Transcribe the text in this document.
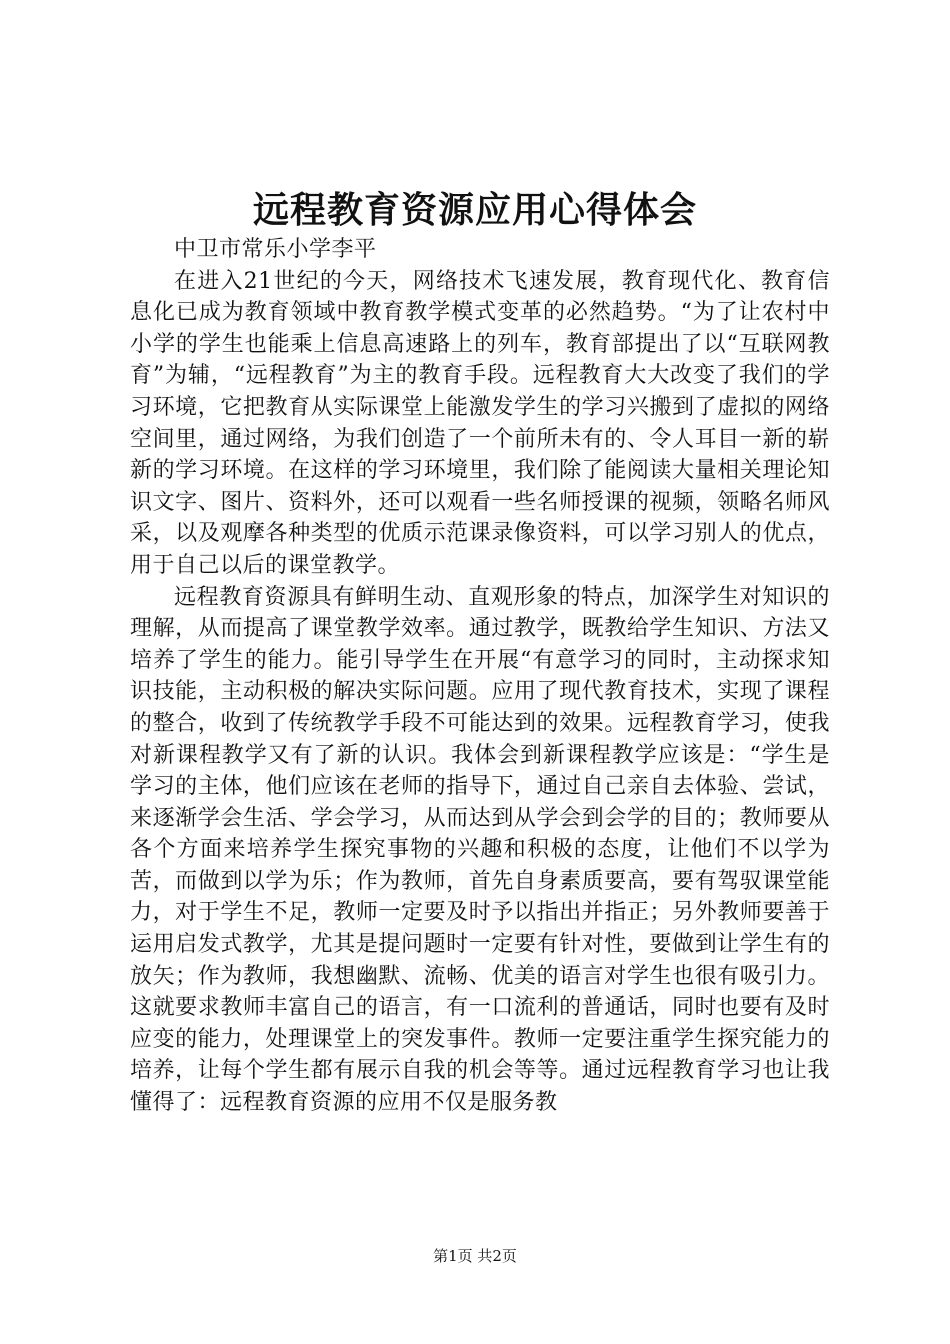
远程教育资源应用心得体会

中卫市常乐小学李平

在进入21世纪的今天，网络技术飞速发展，教育现代化、教育信息化已成为教育领域中教育教学模式变革的必然趋势。“为了让农村中小学的学生也能乘上信息高速路上的列车，教育部提出了以“互联网教育”为辅，“远程教育”为主的教育手段。远程教育大大改变了我们的学习环境，它把教育从实际课堂上能激发学生的学习兴搬到了虚拟的网络空间里，通过网络，为我们创造了一个前所未有的、令人耳目一新的崭新的学习环境。在这样的学习环境里，我们除了能阅读大量相关理论知识文字、图片、资料外，还可以观看一些名师授课的视频，领略名师风采，以及观摩各种类型的优质示范课录像资料，可以学习别人的优点，用于自己以后的课堂教学。

远程教育资源具有鲜明生动、直观形象的特点，加深学生对知识的理解，从而提高了课堂教学效率。通过教学，既教给学生知识、方法又培养了学生的能力。能引导学生在开展“有意学习的同时，主动探求知识技能，主动积极的解决实际问题。应用了现代教育技术，实现了课程的整合，收到了传统教学手段不可能达到的效果。远程教育学习，使我对新课程教学又有了新的认识。我体会到新课程教学应该是：“学生是学习的主体，他们应该在老师的指导下，通过自己亲自去体验、尝试，来逐渐学会生活、学会学习，从而达到从学会到会学的目的；教师要从各个方面来培养学生探究事物的兴趣和积极的态度，让他们不以学为苦，而做到以学为乐；作为教师，首先自身素质要高，要有驾驭课堂能力，对于学生不足，教师一定要及时予以指出并指正；另外教师要善于运用启发式教学，尤其是提问题时一定要有针对性，要做到让学生有的放矢；作为教师，我想幽默、流畅、优美的语言对学生也很有吸引力。这就要求教师丰富自己的语言，有一口流利的普通话，同时也要有及时应变的能力，处理课堂上的突发事件。教师一定要注重学生探究能力的培养，让每个学生都有展示自我的机会等等。通过远程教育学习也让我懂得了：远程教育资源的应用不仅是服务教

第1页 共2页
